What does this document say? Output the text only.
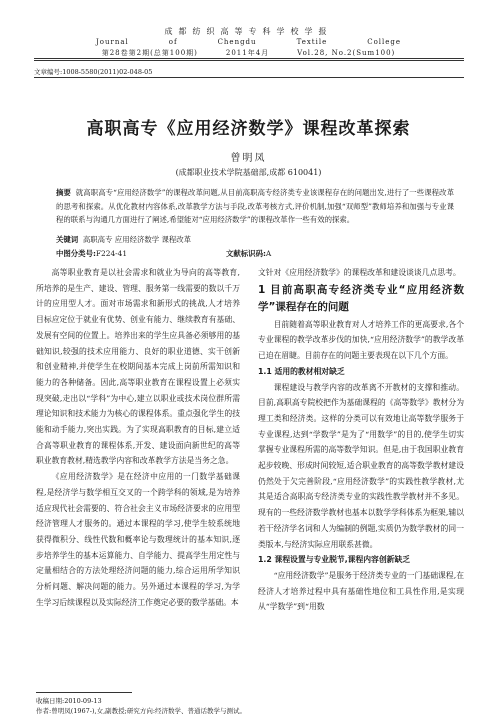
成都纺织高等专科学校学报
Journal	of	Chengdu	Textile	College
第28卷第2期(总第100期)	2011年4月	Vol.28, No.2(Sum100)
文章编号:1008-5580(2011)02-048-05
高职高专《应用经济数学》课程改革探索
曾明凤
(成都职业技术学院基础部,成都 610041)
摘要 就高职高专“应用经济数学”的课程改革问题,从目前高职高专经济类专业该课程存在的问题出发,进行了一些课程改革的思考和探索。从优化教材内容体系,改革教学方法与手段,改革考核方式,评价机制,加强“双师型”教师培养和加强与专业课程的联系与沟通几方面进行了阐述,希望能对“应用经济数学”的课程改革作一些有效的探索。
关键词 高职高专 应用经济数学 课程改革
中图分类号:F224-41	文献标识码:A

高等职业教育是以社会需求和就业为导向的高等教育,所培养的是生产、建设、管理、服务第一线需要的数以千万计的应用型人才。面对市场需求和新形式的挑战,人才培养目标应定位于就业有优势、创业有能力、继续教育有基础、发展有空间的位置上。培养出来的学生应具备必须够用的基础知识,较强的技术应用能力、良好的职业道德、实干创新和创业精神,并使学生在校期间基本完成上岗前所需知识和能力的各种储备。因此,高等职业教育在课程设置上必须实现突破,走出以“学科”为中心,建立以职业或技术岗位群所需理论知识和技术能力为核心的课程体系。重点强化学生的技能和动手能力,突出实践。为了实现高职教育的目标,建立适合高等职业教育的课程体系,开发、建设面向新世纪的高等职业教育教材,精选教学内容和改革教学方法是当务之急。

《应用经济数学》是在经济中应用的一门数学基础课程,是经济学与数学相互交叉的一个跨学科的领域,是为培养适应现代社会需要的、符合社会主义市场经济要求的应用型经济管理人才服务的。通过本课程的学习,使学生较系统地获得微积分、线性代数和概率论与数理统计的基本知识,逐步培养学生的基本运算能力、自学能力、提高学生用定性与定量相结合的方法处理经济问题的能力,综合运用所学知识分析问题、解决问题的能力。另外通过本课程的学习,为学生学习后续课程以及实际经济工作奠定必要的数学基础。本

文针对《应用经济数学》的课程改革和建设谈谈几点思考。
1 目前高职高专经济类专业“应用经济数学”课程存在的问题

目前随着高等职业教育对人才培养工作的更高要求,各个专业课程的教学改革步伐的加快,“应用经济数学”的教学改革已迫在眉睫。目前存在的问题主要表现在以下几个方面。

1.1 适用的教材相对缺乏

课程建设与教学内容的改革离不开教材的支撑和推动。目前,高职高专院校把作为基础课程的《高等数学》教材分为理工类和经济类。这样的分类可以有效地让高等数学服务于专业课程,达到“学数学”是为了“用数学”的目的,使学生切实掌握专业课程所需的高等数学知识。但是,由于我国职业教育起步较晚、形成时间较短,适合职业教育的高等数学教材建设仍然处于欠完善阶段,“应用经济数学”的实践性教学教材,尤其是适合高职高专经济类专业的实践性教学教材并不多见。现有的一些经济数学教材也基本以数学学科体系为框架,辅以若干经济学名词和人为编制的例题,实质仍为数学教材的同一类版本,与经济实际应用联系甚微。

1.2 课程设置与专业脱节,课程内容创新缺乏

“应用经济数学”是服务于经济类专业的一门基础课程,在经济人才培养过程中具有基础性地位和工具性作用,是实现从“学数学”到“用数

收稿日期:2010-09-13
作者:曾明凤(1967-),女,副教授;研究方向:经济数学、普通话教学与测试。
